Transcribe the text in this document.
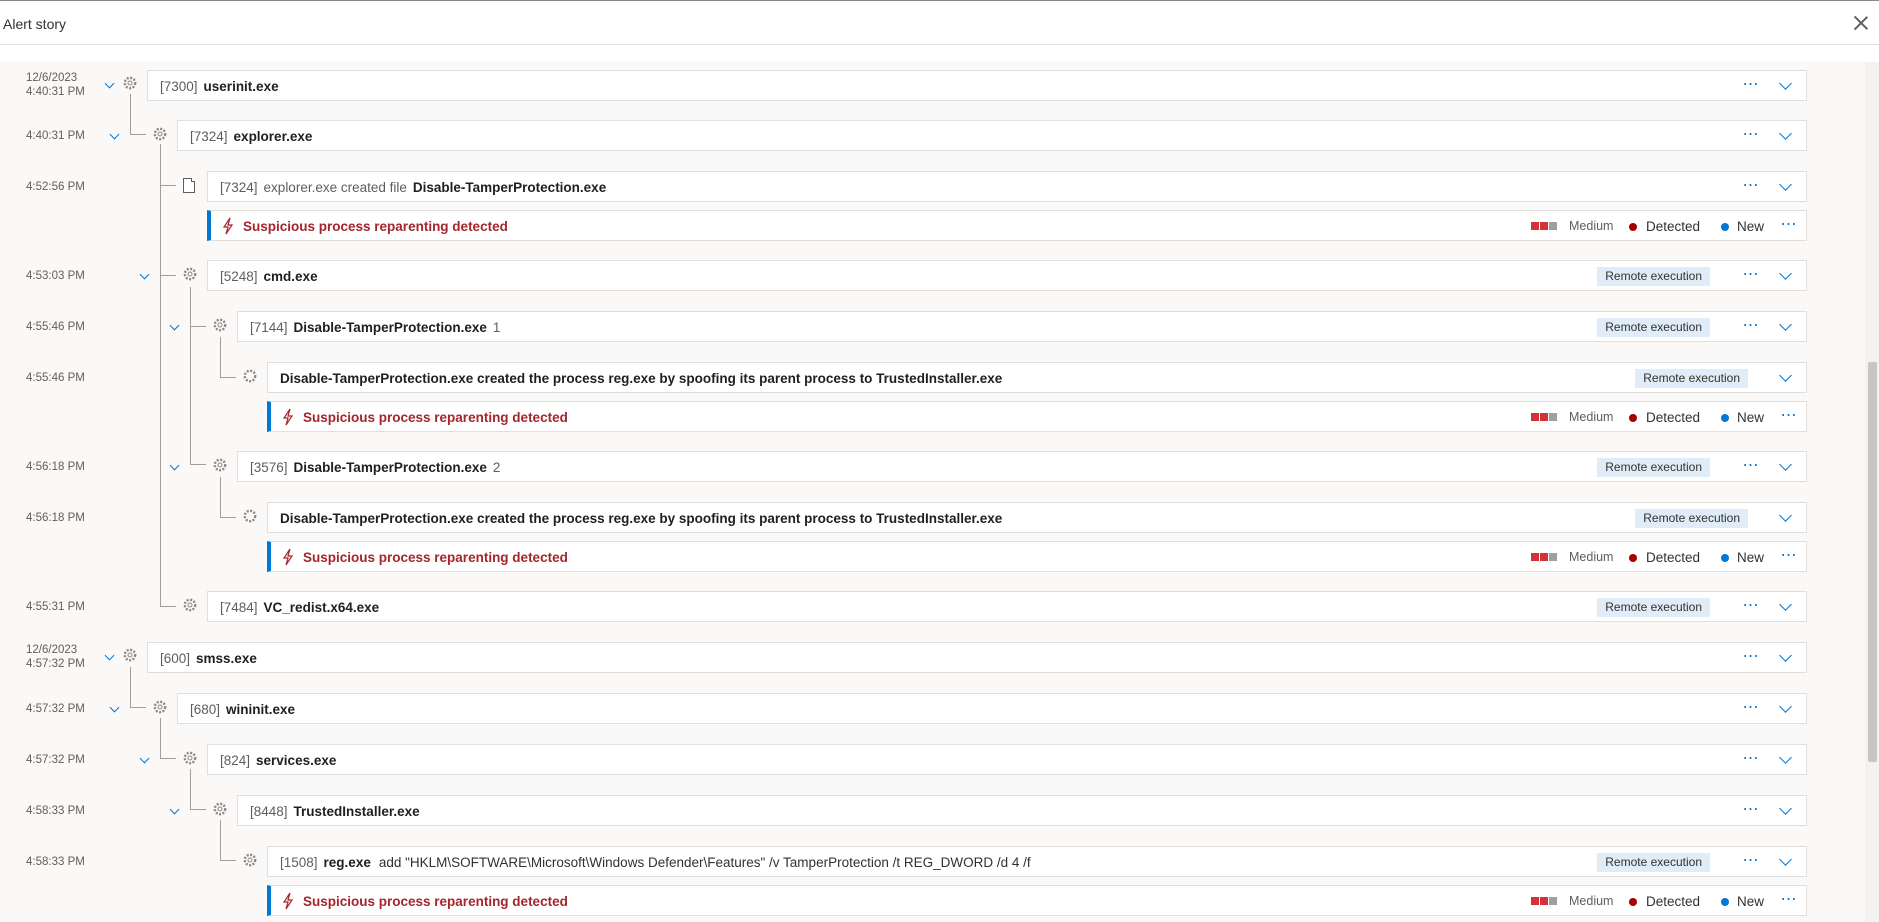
Alert story
12/6/2023
4:40:31 PM	[7300] userinit.exe	⋯
4:40:31 PM	[7324] explorer.exe	⋯
4:52:56 PM	[7324] explorer.exe created file Disable-TamperProtection.exe	⋯
Suspicious process reparenting detected	Medium Detected	New ⋯
4:53:03 PM	[5248] cmd.exe	Remote execution	⋯
4:55:46 PM	[7144] Disable-TamperProtection.exe 1	Remote execution	⋯
4:55:46 PM	Disable-TamperProtection.exe created the process reg.exe by spoofing its parent process to TrustedInstaller.exe	Remote execution
Suspicious process reparenting detected	Medium Detected	New ⋯
4:56:18 PM	[3576] Disable-TamperProtection.exe 2	Remote execution	⋯
4:56:18 PM	Disable-TamperProtection.exe created the process reg.exe by spoofing its parent process to TrustedInstaller.exe	Remote execution
Suspicious process reparenting detected	Medium Detected	New ⋯
4:55:31 PM	[7484] VC_redist.x64.exe	Remote execution	⋯
12/6/2023
4:57:32 PM	[600] smss.exe	⋯
4:57:32 PM	[680] wininit.exe	⋯
4:57:32 PM	[824] services.exe	⋯
4:58:33 PM	[8448] TrustedInstaller.exe	⋯
4:58:33 PM	[1508] reg.exe add "HKLM\SOFTWARE\Microsoft\Windows Defender\Features" /v TamperProtection /t REG_DWORD /d 4 /f	Remote execution	⋯
Suspicious process reparenting detected	Medium Detected	New ⋯
